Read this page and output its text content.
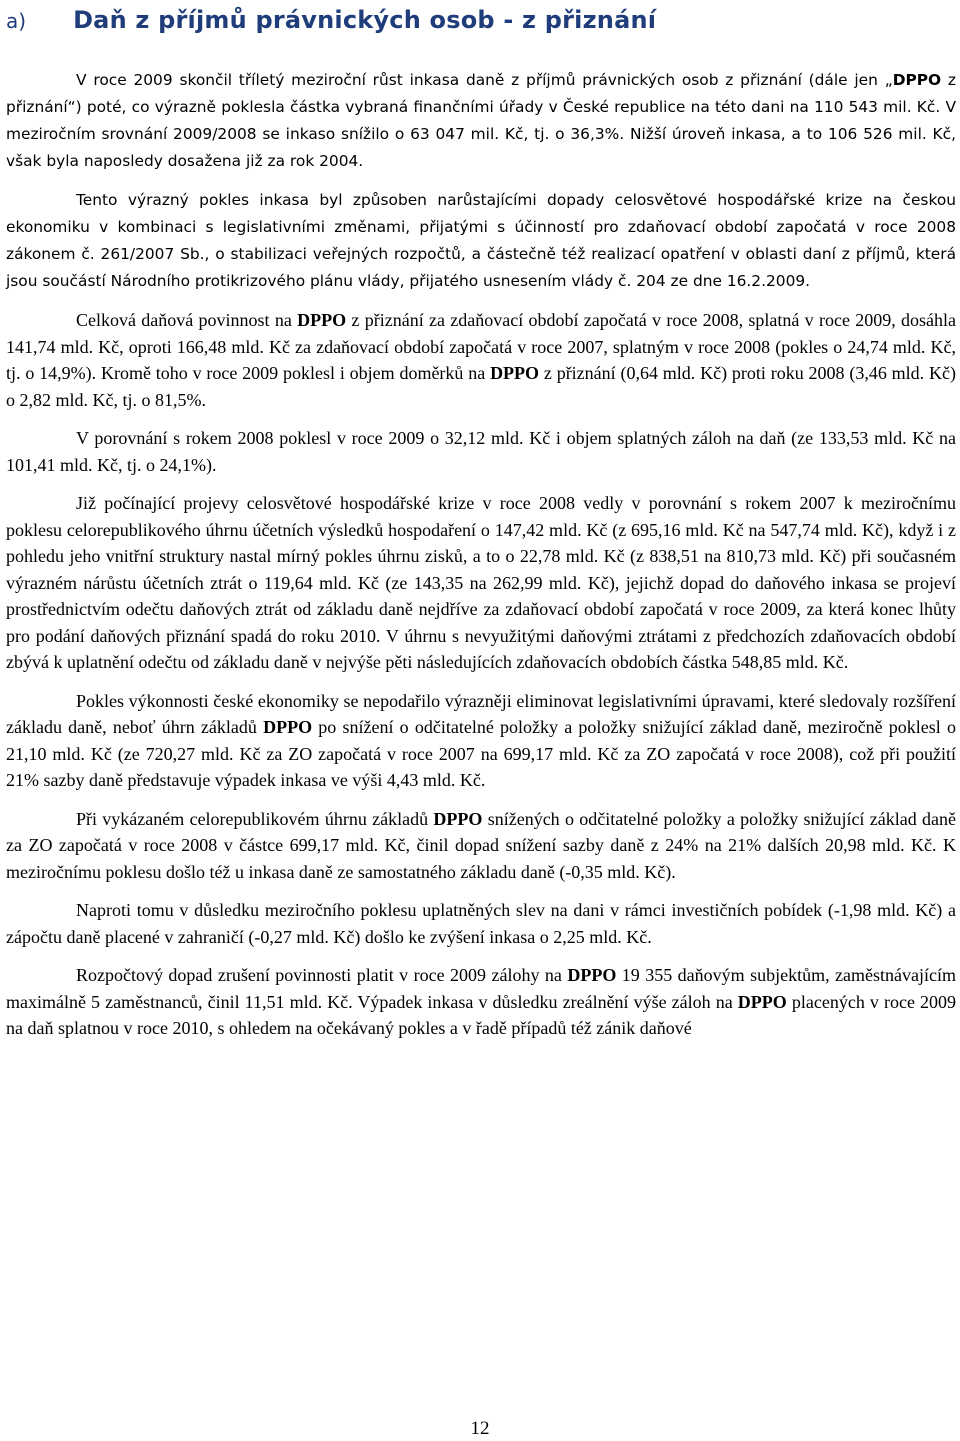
a) Daň z příjmů právnických osob - z přiznání

V roce 2009 skončil tříletý meziroční růst inkasa daně z příjmů právnických osob z přiznání (dále jen „DPPO z přiznání“) poté, co výrazně poklesla částka vybraná finančními úřady v České republice na této dani na 110 543 mil. Kč. V meziročním srovnání 2009/2008 se inkaso snížilo o 63 047 mil. Kč, tj. o 36,3%. Nižší úroveň inkasa, a to 106 526 mil. Kč, však byla naposledy dosažena již za rok 2004.

Tento výrazný pokles inkasa byl způsoben narůstajícími dopady celosvětové hospodářské krize na českou ekonomiku v kombinaci s legislativními změnami, přijatými s účinností pro zdaňovací období započatá v roce 2008 zákonem č. 261/2007 Sb., o stabilizaci veřejných rozpočtů, a částečně též realizací opatření v oblasti daní z příjmů, která jsou součástí Národního protikrizového plánu vlády, přijatého usnesením vlády č. 204 ze dne 16.2.2009.

Celková daňová povinnost na DPPO z přiznání za zdaňovací období započatá v roce 2008, splatná v roce 2009, dosáhla 141,74 mld. Kč, oproti 166,48 mld. Kč za zdaňovací období započatá v roce 2007, splatným v roce 2008 (pokles o 24,74 mld. Kč, tj. o 14,9%). Kromě toho v roce 2009 poklesl i objem doměrků na DPPO z přiznání (0,64 mld. Kč) proti roku 2008 (3,46 mld. Kč) o 2,82 mld. Kč, tj. o 81,5%.

V porovnání s rokem 2008 poklesl v roce 2009 o 32,12 mld. Kč i objem splatných záloh na daň (ze 133,53 mld. Kč na 101,41 mld. Kč, tj. o 24,1%).

Již počínající projevy celosvětové hospodářské krize v roce 2008 vedly v porovnání s rokem 2007 k meziročnímu poklesu celorepublikového úhrnu účetních výsledků hospodaření o 147,42 mld. Kč (z 695,16 mld. Kč na 547,74 mld. Kč), když i z pohledu jeho vnitřní struktury nastal mírný pokles úhrnu zisků, a to o 22,78 mld. Kč (z 838,51 na 810,73 mld. Kč) při současném výrazném nárůstu účetních ztrát o 119,64 mld. Kč (ze 143,35 na 262,99 mld. Kč), jejichž dopad do daňového inkasa se projeví prostřednictvím odečtu daňových ztrát od základu daně nejdříve za zdaňovací období započatá v roce 2009, za která konec lhůty pro podání daňových přiznání spadá do roku 2010. V úhrnu s nevyužitými daňovými ztrátami z předchozích zdaňovacích období zbývá k uplatnění odečtu od základu daně v nejvýše pěti následujících zdaňovacích obdobích částka 548,85 mld. Kč.

Pokles výkonnosti české ekonomiky se nepodařilo výrazněji eliminovat legislativními úpravami, které sledovaly rozšíření základu daně, neboť úhrn základů DPPO po snížení o odčitatelné položky a položky snižující základ daně, meziročně poklesl o 21,10 mld. Kč (ze 720,27 mld. Kč za ZO započatá v roce 2007 na 699,17 mld. Kč za ZO započatá v roce 2008), což při použití 21% sazby daně představuje výpadek inkasa ve výši 4,43 mld. Kč.

Při vykázaném celorepublikovém úhrnu základů DPPO snížených o odčitatelné položky a položky snižující základ daně za ZO započatá v roce 2008 v částce 699,17 mld. Kč, činil dopad snížení sazby daně z 24% na 21% dalších 20,98 mld. Kč. K meziročnímu poklesu došlo též u inkasa daně ze samostatného základu daně (-0,35 mld. Kč).

Naproti tomu v důsledku meziročního poklesu uplatněných slev na dani v rámci investičních pobídek (-1,98 mld. Kč) a zápočtu daně placené v zahraničí (-0,27 mld. Kč) došlo ke zvýšení inkasa o 2,25 mld. Kč.

Rozpočtový dopad zrušení povinnosti platit v roce 2009 zálohy na DPPO 19 355 daňovým subjektům, zaměstnávajícím maximálně 5 zaměstnanců, činil 11,51 mld. Kč. Výpadek inkasa v důsledku zreálnění výše záloh na DPPO placených v roce 2009 na daň splatnou v roce 2010, s ohledem na očekávaný pokles a v řadě případů též zánik daňové

12
